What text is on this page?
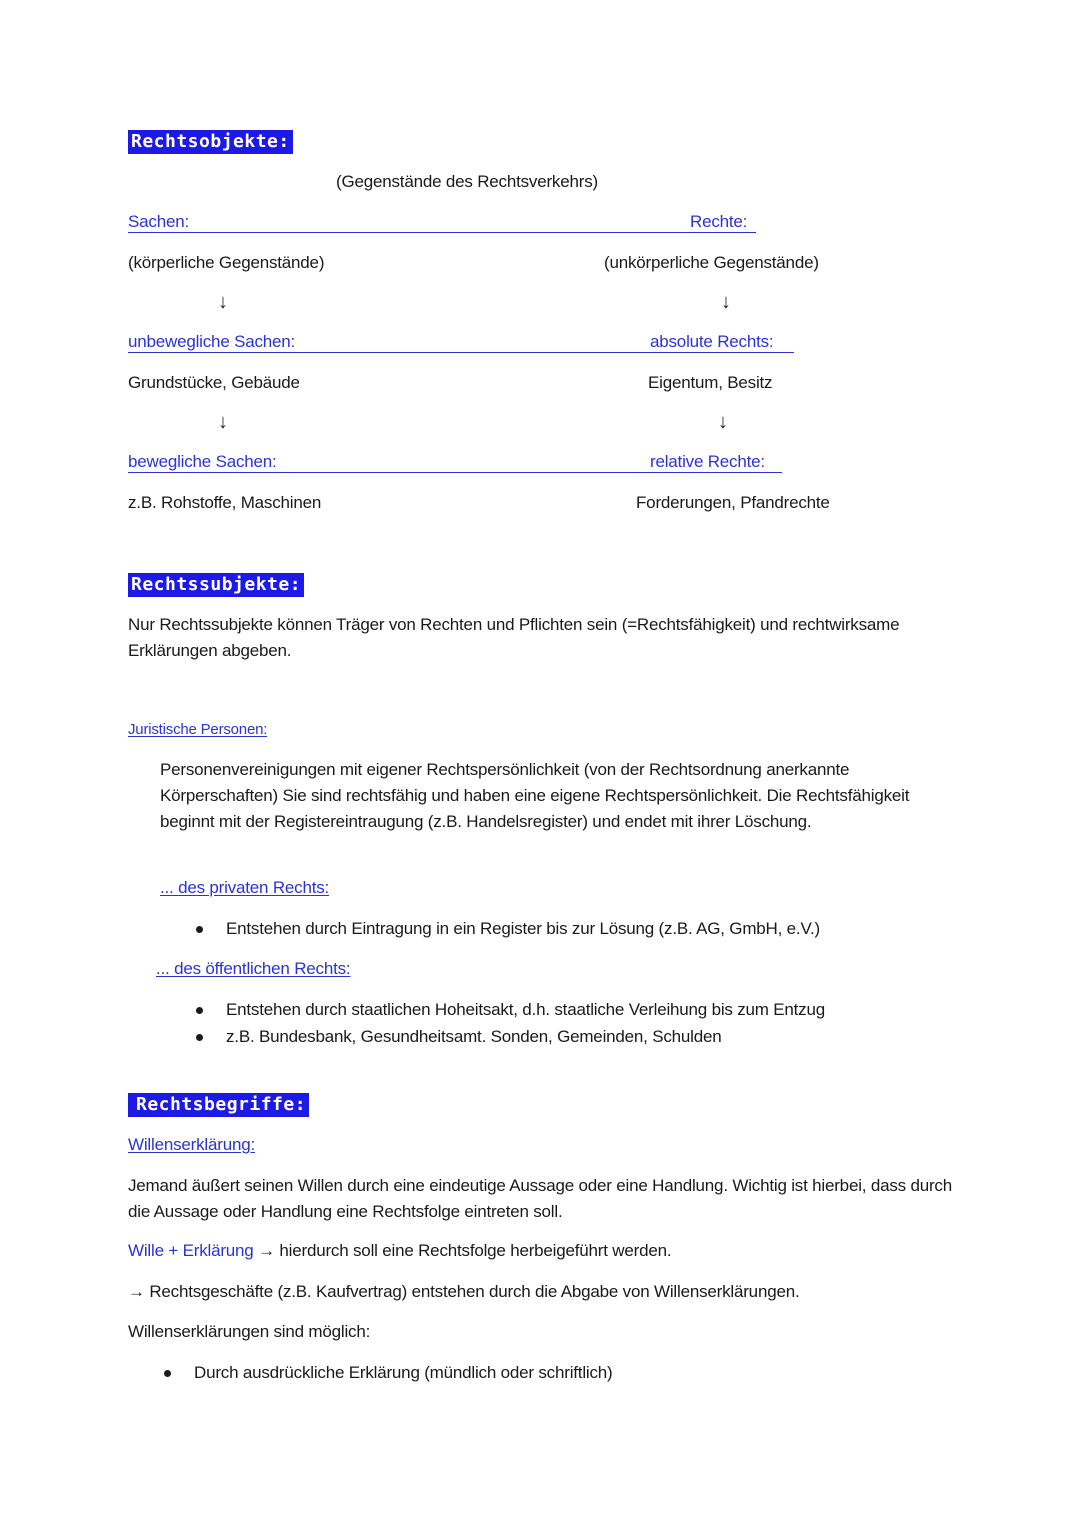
Rechtsobjekte:
(Gegenstände des Rechtsverkehrs)
Sachen:	Rechte:
(körperliche Gegenstände)	(unkörperliche Gegenstände)
↓	↓
unbewegliche Sachen:	absolute Rechts:
Grundstücke, Gebäude	Eigentum, Besitz
↓	↓
bewegliche Sachen:	relative Rechte:
z.B. Rohstoffe, Maschinen	Forderungen, Pfandrechte
Rechtssubjekte:
Nur Rechtssubjekte können Träger von Rechten und Pflichten sein (=Rechtsfähigkeit) und rechtwirksame Erklärungen abgeben.
Juristische Personen:
Personenvereinigungen mit eigener Rechtspersönlichkeit (von der Rechtsordnung anerkannte Körperschaften) Sie sind rechtsfähig und haben eine eigene Rechtspersönlichkeit. Die Rechtsfähigkeit beginnt mit der Registereintraugung (z.B. Handelsregister) und endet mit ihrer Löschung.
... des privaten Rechts:
Entstehen durch Eintragung in ein Register bis zur Lösung (z.B. AG, GmbH, e.V.)
... des öffentlichen Rechts:
Entstehen durch staatlichen Hoheitsakt, d.h. staatliche Verleihung bis zum Entzug
z.B. Bundesbank, Gesundheitsamt. Sonden, Gemeinden, Schulden
Rechtsbegriffe:
Willenserklärung:
Jemand äußert seinen Willen durch eine eindeutige Aussage oder eine Handlung. Wichtig ist hierbei, dass durch die Aussage oder Handlung eine Rechtsfolge eintreten soll.
Wille + Erklärung → hierdurch soll eine Rechtsfolge herbeigeführt werden.
→ Rechtsgeschäfte (z.B. Kaufvertrag) entstehen durch die Abgabe von Willenserklärungen.
Willenserklärungen sind möglich:
Durch ausdrückliche Erklärung (mündlich oder schriftlich)
